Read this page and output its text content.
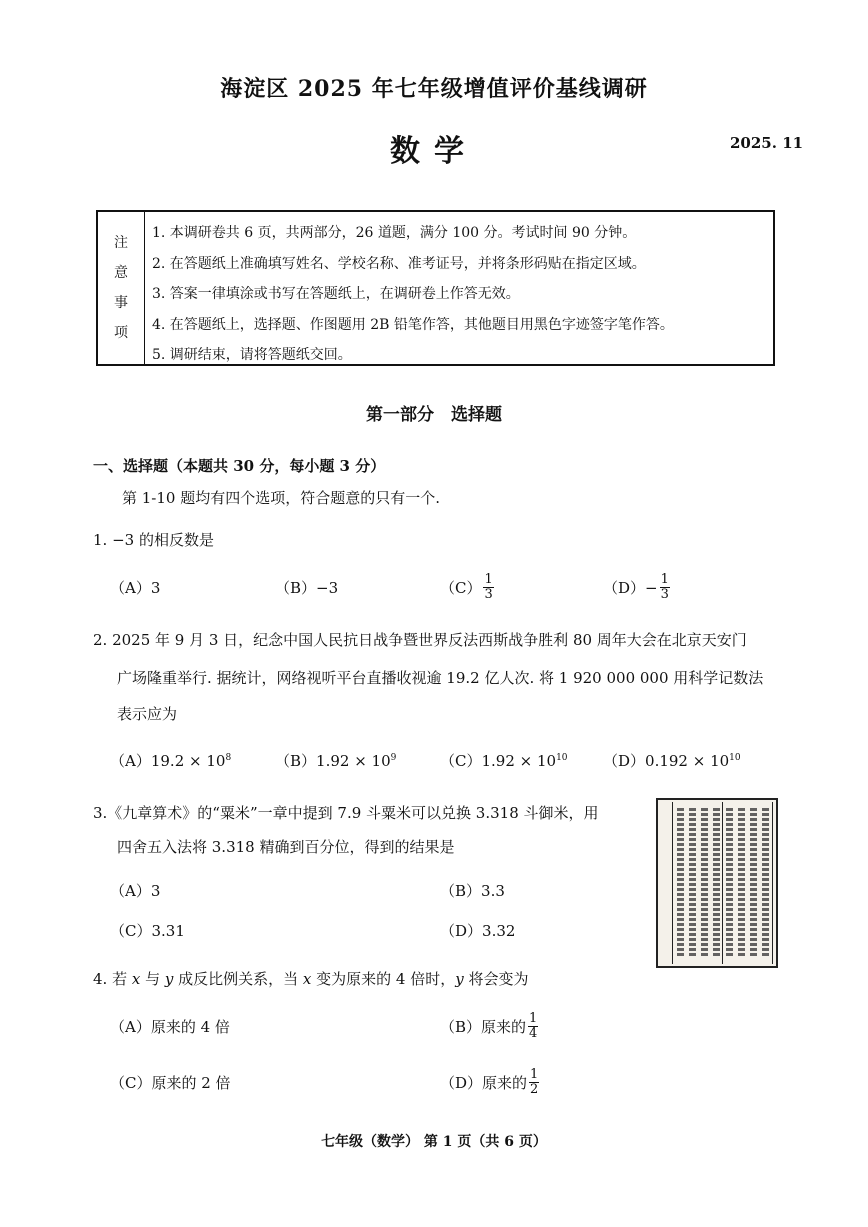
海淀区 2025 年七年级增值评价基线调研
数学	2025. 11
注
意
事
项
1. 本调研卷共 6 页，共两部分，26 道题，满分 100 分。考试时间 90 分钟。
2. 在答题纸上准确填写姓名、学校名称、准考证号，并将条形码贴在指定区域。
3. 答案一律填涂或书写在答题纸上，在调研卷上作答无效。
4. 在答题纸上，选择题、作图题用 2B 铅笔作答，其他题目用黑色字迹签字笔作答。
5. 调研结束，请将答题纸交回。
第一部分　选择题
一、选择题（本题共 30 分，每小题 3 分）
第 1-10 题均有四个选项，符合题意的只有一个.
1. −3 的相反数是
（A）3	（B）−3	$(C) \frac{1}{3}$	$(D)- \frac{1}{3}$
2. 2025 年 9 月 3 日，纪念中国人民抗日战争暨世界反法西斯战争胜利 80 周年大会在北京天安门
广场隆重举行. 据统计，网络视听平台直播收视逾 19.2 亿人次. 将 1 920 000 000 用科学记数法
表示应为
$(A)19.2 \times 10^8$	$(B)1.92 \times 10^9$	$(C)1.92 \times 10^{10}$ $(D)0.192 \times 10^{10}$
3.《九章算术》的“粟米”一章中提到 7.9 斗粟米可以兑换 3.318 斗御米，用
四舍五入法将 3.318 精确到百分位，得到的结果是
（A）3	（B）3.3
（C）3.31	（D）3.32
4. 若 x 与 y 成反比例关系，当 x 变为原来的 4 倍时，y 将会变为
（A）原来的 4 倍	（B）原来的 $\frac{1}{4}$
（C）原来的 2 倍	（D）原来的 $\frac{1}{2}$
七年级（数学） 第 1 页（共 6 页）
